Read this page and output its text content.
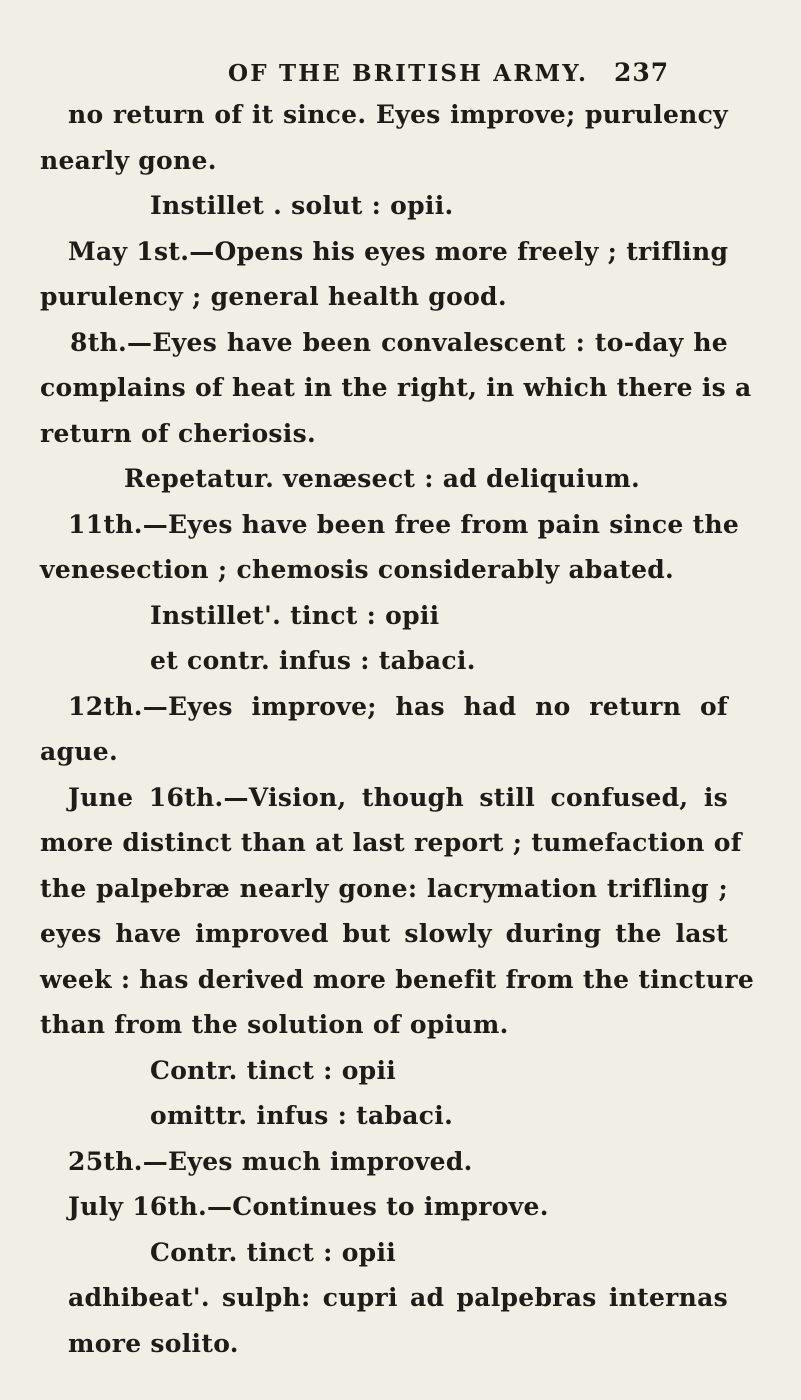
OF THE BRITISH ARMY. 237
no return of it since. Eyes improve; purulency
nearly gone.
Instillet . solut : opii.
May 1st.—Opens his eyes more freely ; trifling
purulency ; general health good.
8th.—Eyes have been convalescent : to-day he
complains of heat in the right, in which there is a
return of cheriosis.
Repetatur. venæsect : ad deliquium.
11th.—Eyes have been free from pain since the
venesection ; chemosis considerably abated.
Instillet'. tinct : opii
et contr. infus : tabaci.
12th.—Eyes improve; has had no return of
ague.
June 16th.—Vision, though still confused, is
more distinct than at last report ; tumefaction of
the palpebræ nearly gone: lacrymation trifling ;
eyes have improved but slowly during the last
week : has derived more benefit from the tincture
than from the solution of opium.
Contr. tinct : opii
omittr. infus : tabaci.
25th.—Eyes much improved.
July 16th.—Continues to improve.
Contr. tinct : opii
adhibeat'. sulph: cupri ad palpebras internas
more solito.
